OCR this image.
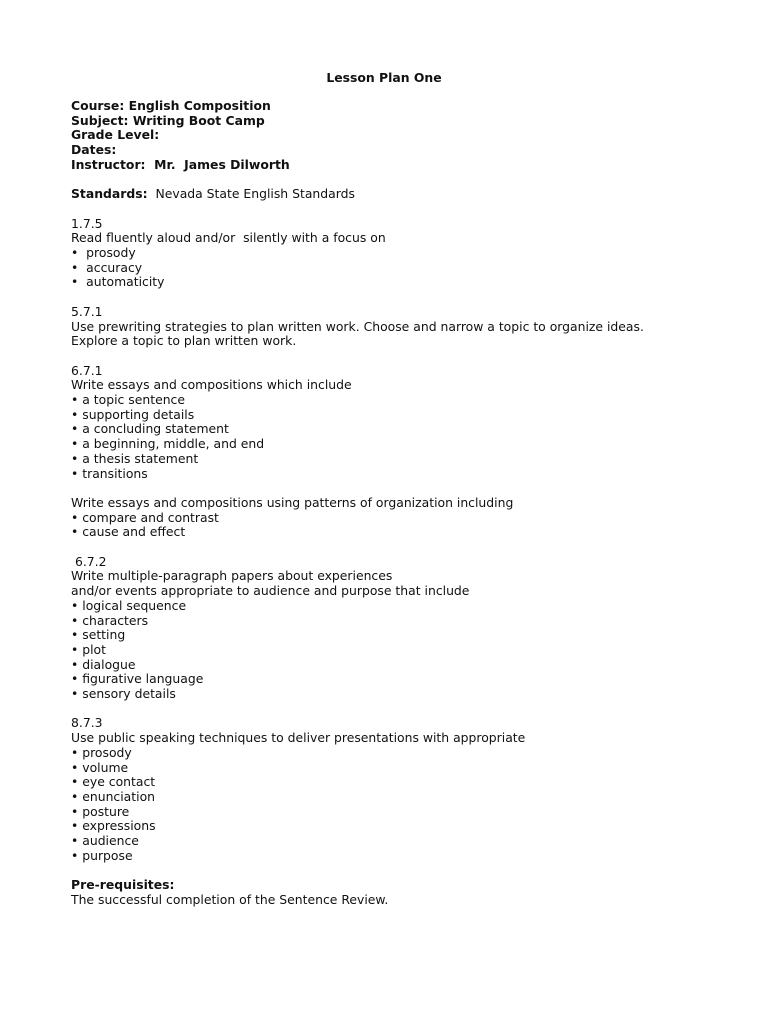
Lesson Plan One
Course: English Composition
Subject: Writing Boot Camp
Grade Level:
Dates:
Instructor: Mr.  James Dilworth
Standards: Nevada State English Standards
1.7.5
Read fluently aloud and/or  silently with a focus on
•  prosody
•  accuracy
•  automaticity
5.7.1
Use prewriting strategies to plan written work. Choose and narrow a topic to organize ideas.
Explore a topic to plan written work.
6.7.1
Write essays and compositions which include
• a topic sentence
• supporting details
• a concluding statement
• a beginning, middle, and end
• a thesis statement
• transitions
Write essays and compositions using patterns of organization including
• compare and contrast
• cause and effect
6.7.2
Write multiple-paragraph papers about experiences
and/or events appropriate to audience and purpose that include
• logical sequence
• characters
• setting
• plot
• dialogue
• figurative language
• sensory details
8.7.3
Use public speaking techniques to deliver presentations with appropriate
• prosody
• volume
• eye contact
• enunciation
• posture
• expressions
• audience
• purpose
Pre-requisites:
The successful completion of the Sentence Review.
